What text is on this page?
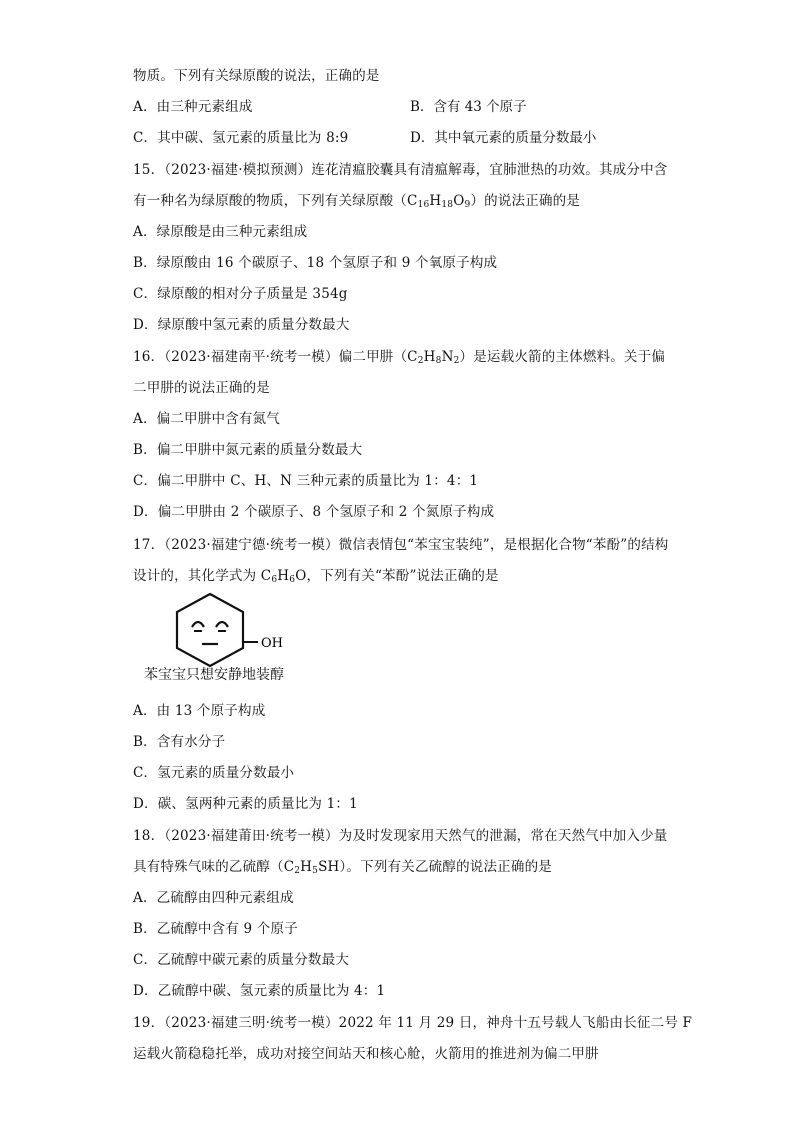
物质。下列有关绿原酸的说法，正确的是
A．由三种元素组成	B．含有 43 个原子
C．其中碳、氢元素的质量比为 8:9	D．其中氧元素的质量分数最小
15．（2023·福建·模拟预测）连花清瘟胶囊具有清瘟解毒，宜肺泄热的功效。其成分中含
有一种名为绿原酸的物质，下列有关绿原酸$(C_{16}H_{18}O_9)$的说法正确的是
A．绿原酸是由三种元素组成
B．绿原酸由 16 个碳原子、18 个氢原子和 9 个氧原子构成
C．绿原酸的相对分子质量是 354g
D．绿原酸中氢元素的质量分数最大
16．（2023·福建南平·统考一模）偏二甲肼$(C_2H_8N_2)$是运载火箭的主体燃料。关于偏
二甲肼的说法正确的是
A．偏二甲肼中含有氮气
B．偏二甲肼中氮元素的质量分数最大
C．偏二甲肼中 C、H、N 三种元素的质量比为 1：4：1
D．偏二甲肼由 2 个碳原子、8 个氢原子和 2 个氮原子构成
17．（2023·福建宁德·统考一模）微信表情包“苯宝宝装纯”，是根据化合物“苯酚”的结构
设计的，其化学式为 $C_6H_6O$，下列有关“苯酚”说法正确的是
OH
苯宝宝只想安静地装醇
A．由 13 个原子构成
B．含有水分子
C．氢元素的质量分数最小
D．碳、氢两种元素的质量比为 1：1
18．（2023·福建莆田·统考一模）为及时发现家用天然气的泄漏，常在天然气中加入少量
具有特殊气味的乙硫醇$(C_2H_5SH)$。下列有关乙硫醇的说法正确的是
A．乙硫醇由四种元素组成
B．乙硫醇中含有 9 个原子
C．乙硫醇中碳元素的质量分数最大
D．乙硫醇中碳、氢元素的质量比为 4：1
19．（2023·福建三明·统考一模）2022 年 11 月 29 日，神舟十五号载人飞船由长征二号 F
运载火箭稳稳托举，成功对接空间站天和核心舱，火箭用的推进剂为偏二甲肼
